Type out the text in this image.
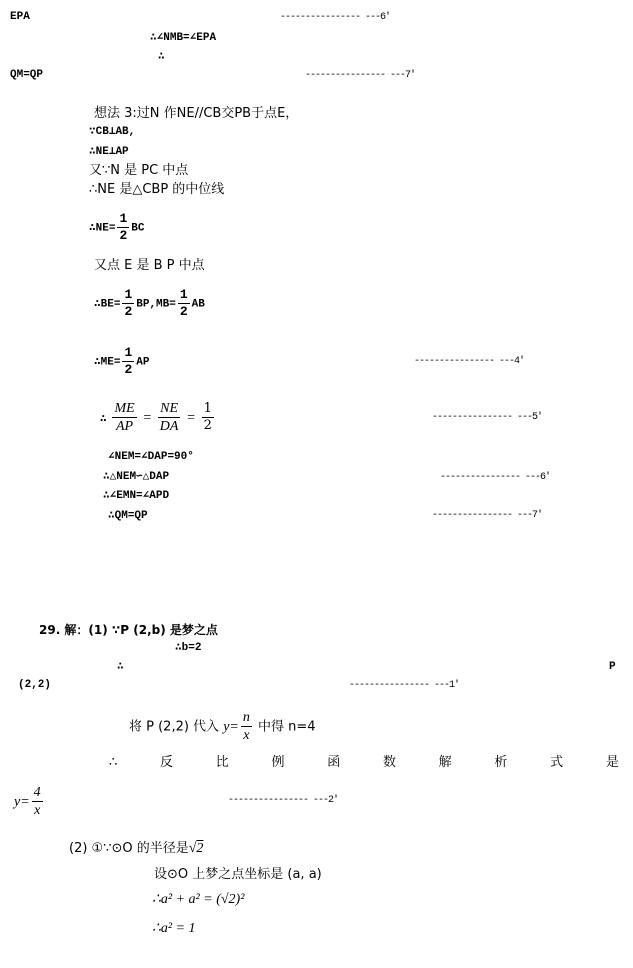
EPA	---------------- ---6′
∴∠NMB=∠EPA
∴
QM=QP	---------------- ---7′
想法 3:过N 作NE//CB交PB于点E，
∵CB⊥AB,
∴NE⊥AP
又∵N 是 PC 中点
∴NE 是△CBP 的中位线
∴NE= $\frac{1}{2}$ BC
又点 E 是 B P 中点
∴BE= $\frac{1}{2} BP,MB= \frac{1}{2}$ AB
∴ME= $\frac{1}{2}$ AP	---------------- ---4′
∴ $\frac{ME}{AP} = \frac{NE}{DA} = \frac{1}{2}$	---------------- ---5′
∠NEM=∠DAP=90°
∴△NEM∽△DAP	---------------- ---6′
∴∠EMN=∠APD
∴QM=QP	---------------- ---7′
29. 解：(1) ∵P (2,b) 是梦之点
∴b=2
∴	P
(2,2)	---------------- ---1′
将 P (2,2) 代入 $y= \frac{n}{x}$ 中得 n=4
∴	反	比	例	函	数	解	析	式	是
$y= \frac{4}{x}$	---------------- ---2′
(2) ①∵⊙O 的半径是√2
设⊙O 上梦之点坐标是 (a, a)
∴a² + a² = (√2)²
∴a² = 1
